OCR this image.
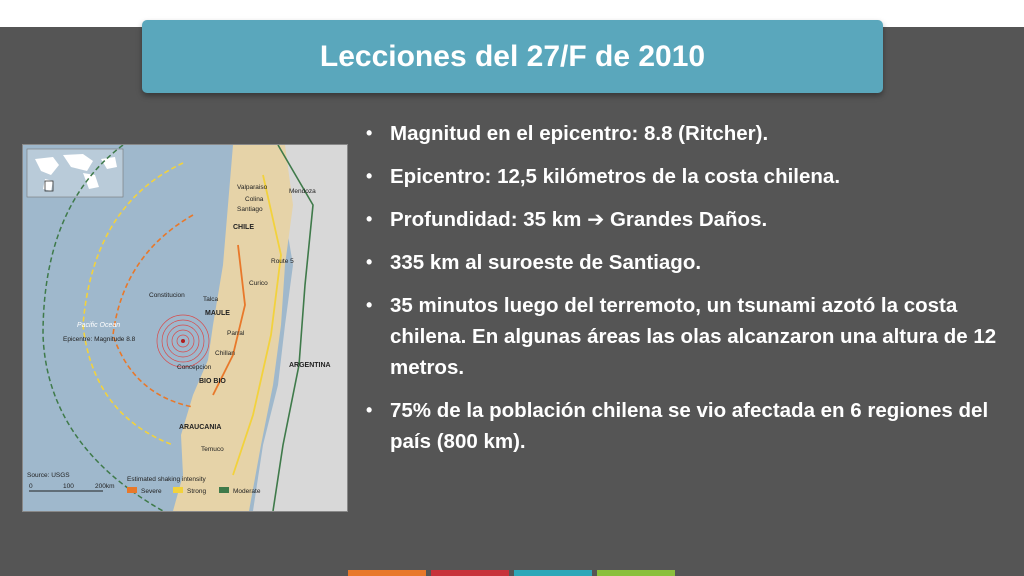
Lecciones del 27/F de 2010
Pacific Ocean
Epicentre: Magnitude 8.8
Valparaiso
Colina
Santiago
Mendoza
CHILE
Route 5
Curico
Talca
Constitucion
MAULE
Parral
Chillan
Concepcion
BIO BIO
ARGENTINA
ARAUCANIA
Temuco
Source: USGS
0	100	200km
Estimated shaking intensity
Severe	Strong	Moderate
• Magnitud en el epicentro: 8.8 (Ritcher).
• Epicentro: 12,5 kilómetros de la costa chilena.
• Profundidad: 35 km ➔ Grandes Daños.
• 335 km al suroeste de Santiago.
• 35 minutos luego del terremoto, un tsunami azotó la costa chilena. En algunas áreas las olas alcanzaron una altura de 12 metros.
• 75% de la población chilena se vio afectada en 6 regiones del país (800 km).
